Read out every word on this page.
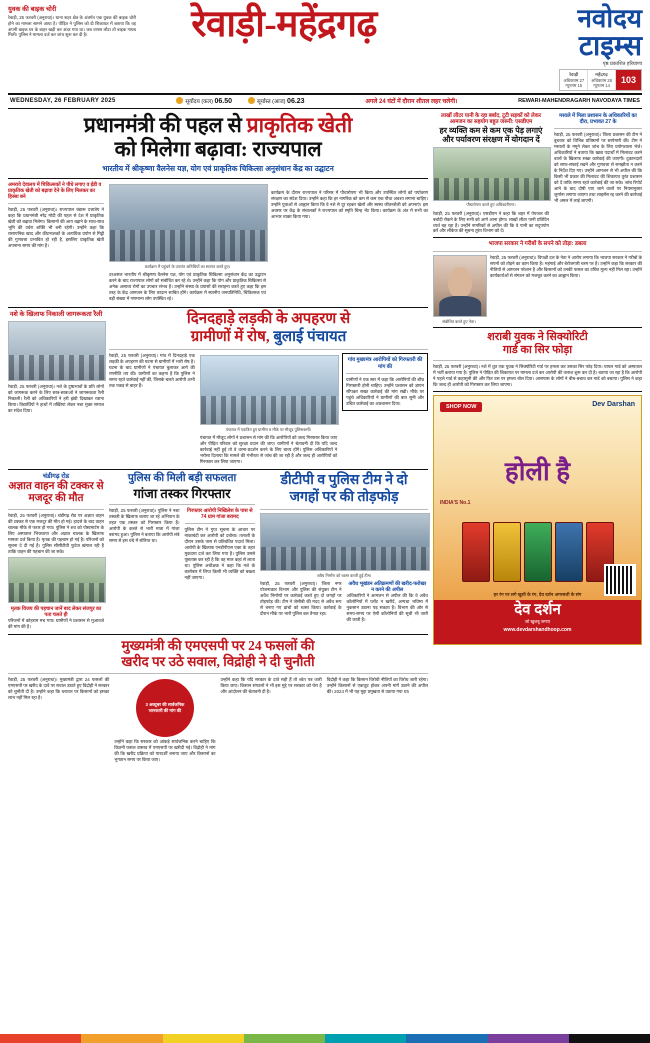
युवक की बाइक चोरी
रेवाड़ी, 25 फरवरी (अनुराधा)। थाना शहर क्षेत्र के अंतर्गत एक युवक की बाइक चोरी होने का मामला सामने आया है। पीड़ित ने पुलिस को दी शिकायत में बताया कि वह अपनी बाइक घर के बाहर खड़ी कर अंदर गया था। जब वापस लौटा तो बाइक गायब मिली। पुलिस ने मामला दर्ज कर जांच शुरू कर दी है।	रेवाड़ी-महेंद्रगढ़	नवोदय
टाइम्स
पृष्ठ प्रकाशित हरियाणा
रेवाड़ी
अधिकतम 27
न्यूनतम 15
महेंद्रगढ़
अधिकतम 28
न्यूनतम 14
103
WEDNESDAY, 26 FEBRUARY 2025	सूर्योदय (कल) 06.50	सूर्यास्त (आज) 06.23	अगले 24 घंटों में दौरान शीतल लहर चलेगी।	REWARI-MAHENDRAGARH NAVODAYA TIMES
प्रधानमंत्री की पहल से प्राकृतिक खेती
को मिलेगा बढ़ावा: राज्यपाल
भारतीय में श्रीकृष्णा वैलनेस यज्ञ, योग एवं प्राकृतिक चिकित्सा अनुसंधान केंद्र का उद्घाटन
अमरावे देवालय में चिकित्सकों ने पौधे लगाए व ईडी व प्राकृतिक खेती को बढ़ावा देने के लिए मिलकर का हिस्सा बने
रेवाड़ी, 25 फरवरी (अनुराधा)। राज्यपाल बंडारू दत्तात्रेय ने कहा कि प्रधानमंत्री नरेंद्र मोदी की पहल से देश में प्राकृतिक खेती को बढ़ावा मिलेगा। किसानों की आय बढ़ाने के साथ-साथ भूमि की उर्वरा शक्ति भी बनी रहेगी। उन्होंने कहा कि रासायनिक खाद और कीटनाशकों के अत्यधिक प्रयोग से मिट्टी की गुणवत्ता प्रभावित हो रही है, इसलिए प्राकृतिक खेती अपनाना समय की मांग है।
कार्यक्रम में पहुंचने के उपरांत अतिथियों का स्वागत करते हुए।
दरअसल भारतीय में श्रीकृष्णा वैलनेस यज्ञ, योग एवं प्राकृतिक चिकित्सा अनुसंधान केंद्र का उद्घाटन करने के बाद राज्यपाल लोगों को संबोधित कर रहे थे। उन्होंने कहा कि योग और प्राकृतिक चिकित्सा से अनेक असाध्य रोगों का उपचार संभव है। उन्होंने संस्था के प्रयासों की सराहना करते हुए कहा कि इस तरह के केंद्र आमजन के लिए वरदान साबित होंगे। कार्यक्रम में स्थानीय जनप्रतिनिधि, चिकित्सक एवं बड़ी संख्या में गणमान्य लोग उपस्थित रहे।
कार्यक्रम के दौरान राज्यपाल ने परिसर में पौधारोपण भी किया और उपस्थित लोगों को पर्यावरण संरक्षण का संदेश दिया। उन्होंने कहा कि हर नागरिक को कम से कम एक पौधा अवश्य लगाना चाहिए। उन्होंने युवाओं से आह्वान किया कि वे नशे से दूर रहकर खेलों और स्वस्थ जीवनशैली को अपनाएं। इस अवसर पर केंद्र के संचालकों ने राज्यपाल को स्मृति चिन्ह भेंट किया। कार्यक्रम के अंत में सभी का आभार व्यक्त किया गया।
नशे के खिलाफ निकाली जागरूकता रैली
रेवाड़ी, 25 फरवरी (अनुराधा)। नशे के दुष्प्रभावों के प्रति लोगों को जागरूक करने के लिए छात्र-छात्राओं ने जागरूकता रैली निकाली। रैली को अधिकारियों ने हरी झंडी दिखाकर रवाना किया। विद्यार्थियों ने हाथों में तख्तियां लेकर नशा मुक्त समाज का संदेश दिया।
दिनदहाड़े लड़की के अपहरण से
ग्रामीणों में रोष, बुलाई पंचायत
रेवाड़ी, 25 फरवरी (अनुराधा)। गांव में दिनदहाड़े एक लड़की के अपहरण की घटना से ग्रामीणों में भारी रोष है। घटना के बाद ग्रामीणों ने पंचायत बुलाकर आगे की रणनीति तय की। ग्रामीणों का कहना है कि पुलिस ने समय रहते कार्रवाई नहीं की, जिसके चलते आरोपी अभी तक पकड़ से बाहर हैं।
पंचायत में एकत्रित हुए ग्रामीण व मौके पर मौजूद पुलिसकर्मी।
पंचायत में मौजूद लोगों ने प्रशासन से मांग की कि आरोपियों को जल्द गिरफ्तार किया जाए और पीड़ित परिवार को सुरक्षा प्रदान की जाए। ग्रामीणों ने चेतावनी दी कि यदि जल्द कार्रवाई नहीं हुई तो वे धरना-प्रदर्शन करने के लिए बाध्य होंगे। पुलिस अधिकारियों ने भरोसा दिलाया कि मामले की गंभीरता से जांच की जा रही है और जल्द ही आरोपियों को गिरफ्तार कर लिया जाएगा।
गांव मुख्यमंत्र आरोपियों को गिरफ्तारी की मांग की
ग्रामीणों ने एक स्वर में कहा कि आरोपियों की शीघ्र गिरफ्तारी होनी चाहिए। उन्होंने प्रशासन को ज्ञापन सौंपकर सख्त कार्रवाई की मांग रखी। मौके पर पहुंचे अधिकारियों ने ग्रामीणों की बात सुनी और उचित कार्रवाई का आश्वासन दिया।
चंडीगढ़ रोड
अज्ञात वाहन की टक्कर से मजदूर की मौत
रेवाड़ी, 25 फरवरी (अनुराधा)। चंडीगढ़ रोड पर अज्ञात वाहन की टक्कर से एक मजदूर की मौत हो गई। हादसे के बाद वाहन चालक मौके से फरार हो गया। पुलिस ने शव को पोस्टमार्टम के लिए अस्पताल भिजवाया और अज्ञात चालक के खिलाफ मामला दर्ज किया है। मृतक की पहचान हो गई है। परिजनों को सूचना दे दी गई है। पुलिस सीसीटीवी फुटेज खंगाल रही है ताकि वाहन की पहचान की जा सके।
मृतक विजय की पहचान जानें बाद लेकर संजपुर का पता चलते ही
परिजनों में कोहराम मच गया। ग्रामीणों ने प्रशासन से मुआवजे की मांग की है।
पुलिस की मिली बड़ी सफलता
गांजा तस्कर गिरफ्तार
रेवाड़ी, 25 फरवरी (अनुराधा)। पुलिस ने नशा तस्करी के खिलाफ चलाए जा रहे अभियान के तहत एक तस्कर को गिरफ्तार किया है। आरोपी के कब्जे से भारी मात्रा में गांजा बरामद हुआ। पुलिस ने बताया कि आरोपी लंबे समय से इस धंधे में संलिप्त था।
गिरफ्तार आरोपी निखिलेश के पास से 74 ग्राम गांजा बरामद
पुलिस टीम ने गुप्त सूचना के आधार पर नाकाबंदी कर आरोपी को दबोचा। तलाशी के दौरान उसके पास से प्रतिबंधित पदार्थ मिला। आरोपी के खिलाफ एनडीपीएस एक्ट के तहत मुकदमा दर्ज कर लिया गया है। पुलिस उससे पूछताछ कर रही है कि वह माल कहां से लाता था। पुलिस अधीक्षक ने कहा कि नशे के कारोबार में लिप्त किसी भी व्यक्ति को बख्शा नहीं जाएगा।
डीटीपी व पुलिस टीम ने दो
जगहों पर की तोड़फोड़
अवैध निर्माण को ध्वस्त करती हुई टीम।
रेवाड़ी, 25 फरवरी (अनुराधा)। जिला नगर योजनाकार विभाग और पुलिस की संयुक्त टीम ने अवैध निर्माणों पर कार्रवाई करते हुए दो जगहों पर तोड़फोड़ की। टीम ने जेसीबी की मदद से अवैध रूप से बनाए गए ढांचों को ध्वस्त किया। कार्रवाई के दौरान मौके पर भारी पुलिस बल तैनात रहा।
अवैध भूखंडन अतिक्रमणों की खरीद-फरोख्त न करने की अपील
अधिकारियों ने आमजन से अपील की कि वे अवैध कॉलोनियों में प्लॉट न खरीदें, अन्यथा भविष्य में नुकसान उठाना पड़ सकता है। विभाग की ओर से समय-समय पर ऐसी कॉलोनियों की सूची भी जारी की जाती है।
मुख्यमंत्री की एमएसपी पर 24 फसलों की
खरीद पर उठे सवाल, विद्रोही ने दी चुनौती
रेवाड़ी, 25 फरवरी (अनुराधा)। मुख्यमंत्री द्वारा 24 फसलों की एमएसपी पर खरीद के दावे पर सवाल उठाते हुए विद्रोही ने सरकार को चुनौती दी है। उन्होंने कहा कि धरातल पर किसानों को इसका लाभ नहीं मिल रहा है।
3 अक्टूबर की सार्वजनिक जानकारी की मांग की
उन्होंने कहा कि सरकार को आंकड़े सार्वजनिक करने चाहिए कि कितनी फसल वास्तव में एमएसपी पर खरीदी गई। विद्रोही ने मांग की कि खरीद प्रक्रिया को पारदर्शी बनाया जाए और किसानों का भुगतान समय पर किया जाए।
उन्होंने कहा कि यदि सरकार के दावे सही हैं तो श्वेत पत्र जारी किया जाए। किसान संगठनों ने भी इस मुद्दे पर सरकार को घेरा है और आंदोलन की चेतावनी दी है।
विद्रोही ने कहा कि किसान विरोधी नीतियों का विरोध जारी रहेगा। उन्होंने किसानों से एकजुट होकर अपनी मांगें उठाने की अपील की। 2024 में भी यह मुद्दा प्रमुखता से उठाया गया था।
लाखों लीटर पानी के रहा बर्बाद, टूटी सड़कों को लेकर आमजन का सहयोग बहुत जरूरी: एसडीएम
हर व्यक्ति कम से कम एक पेड़ लगाएं और पर्यावरण संरक्षण में योगदान दें
पौधारोपण करते हुए अधिकारीगण।
रेवाड़ी, 25 फरवरी (अनुराधा)। एसडीएम ने कहा कि शहर में पेयजल की बर्बादी रोकने के लिए सभी को आगे आना होगा। लाखों लीटर पानी प्रतिदिन व्यर्थ बह रहा है। उन्होंने नागरिकों से अपील की कि वे पानी का सदुपयोग करें और लीकेज की सूचना तुरंत विभाग को दें।
मसाले में मिला प्रशासन के अधिकारियों का दौरा, प्रभावत 27 के
रेवाड़ी, 25 फरवरी (अनुराधा)। जिला प्रशासन की टीम ने बुधवार को विभिन्न प्रतिष्ठानों पर छापेमारी की। टीम ने मसालों के नमूने लेकर जांच के लिए प्रयोगशाला भेजे। अधिकारियों ने बताया कि खाद्य पदार्थों में मिलावट करने वालों के खिलाफ सख्त कार्रवाई की जाएगी। दुकानदारों को साफ-सफाई रखने और गुणवत्ता से समझौता न करने के निर्देश दिए गए। उन्होंने आमजन से भी अपील की कि किसी भी प्रकार की मिलावट की शिकायत तुरंत प्रशासन को दें ताकि समय रहते कार्रवाई की जा सके। जांच रिपोर्ट आने के बाद दोषी पाए जाने वालों पर नियमानुसार जुर्माना लगाया जाएगा तथा लाइसेंस रद्द करने की कार्रवाई भी अमल में लाई जाएगी।
भाजपा सरकार ने गरीबों के सपने को तोड़ा: डबला
संबोधित करते हुए नेता।
रेवाड़ी, 25 फरवरी (अनुराधा)। विपक्षी दल के नेता ने आरोप लगाया कि भाजपा सरकार ने गरीबों के सपनों को तोड़ने का काम किया है। महंगाई और बेरोजगारी चरम पर है। उन्होंने कहा कि सरकार की नीतियों से आमजन परेशान है और किसानों को उनकी फसल का उचित मूल्य नहीं मिल रहा। उन्होंने कार्यकर्ताओं से संगठन को मजबूत करने का आह्वान किया।
शराबी युवक ने सिक्योरिटी
गार्ड का सिर फोड़ा
रेवाड़ी, 25 फरवरी (अनुराधा)। नशे में धुत एक युवक ने सिक्योरिटी गार्ड पर हमला कर उसका सिर फोड़ दिया। घायल गार्ड को अस्पताल में भर्ती कराया गया है। पुलिस ने पीड़ित की शिकायत पर मामला दर्ज कर आरोपी की तलाश शुरू कर दी है। बताया जा रहा है कि आरोपी ने पहले गार्ड से कहासुनी की और फिर उस पर हमला बोल दिया। आसपास के लोगों ने बीच-बचाव कर गार्ड को बचाया। पुलिस ने कहा कि जल्द ही आरोपी को गिरफ्तार कर लिया जाएगा।
SHOP NOW	Dev Darshan
INDIA'S No.1
होली है
हर रंग पर लगे खुशी के रंग, देव दर्शन अगरबत्ती के संग
देव दर्शन
जो खुशबू जगाए
www.devdarshandhoop.com
